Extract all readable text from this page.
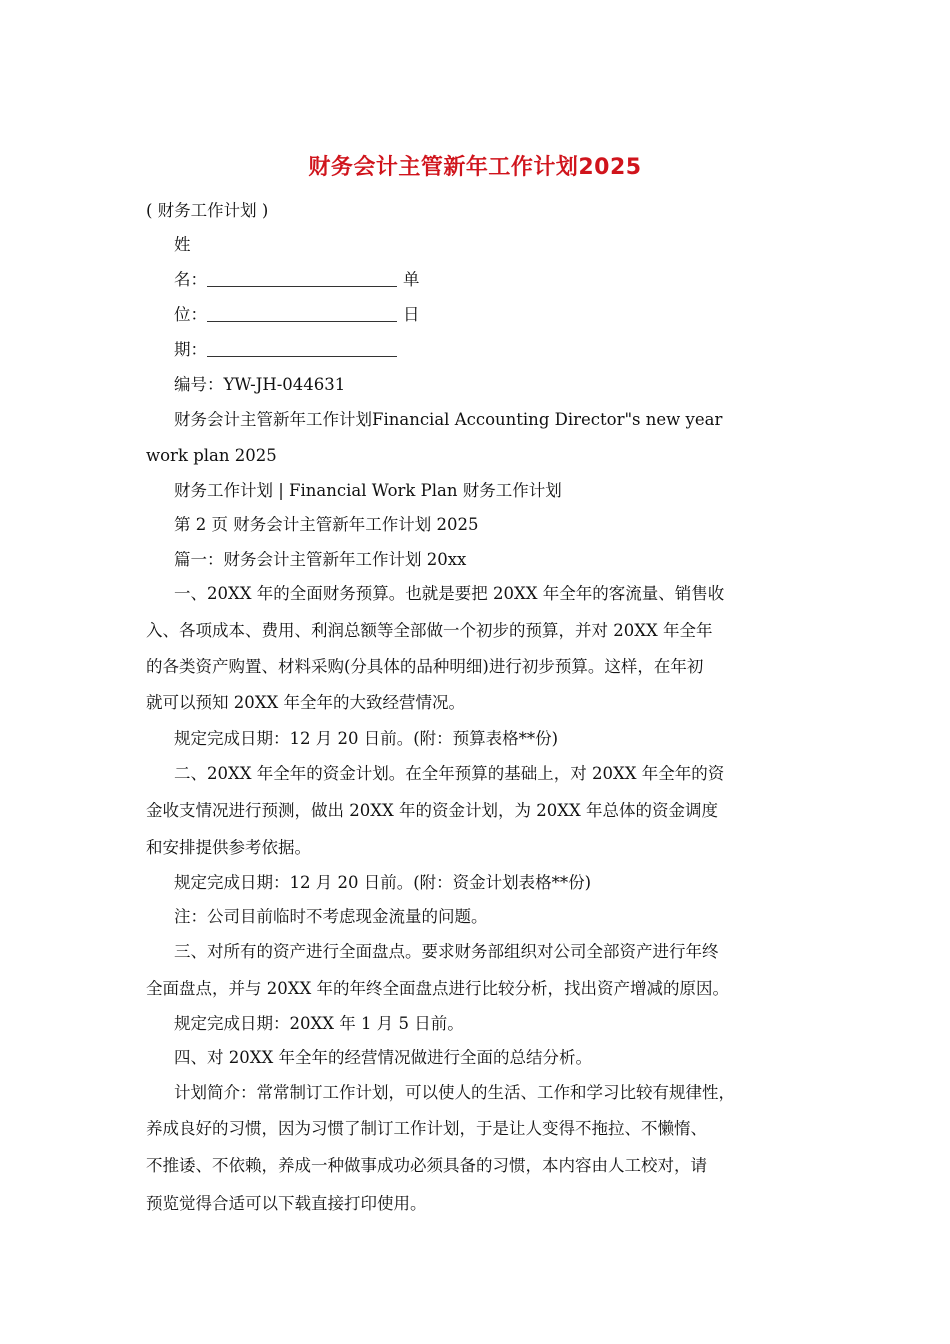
财务会计主管新年工作计划2025
( 财务工作计划 )
姓
名：	单
位：	日
期：
编号：YW-JH-044631
财务会计主管新年工作计划Financial Accounting Director"s new year
work plan 2025
财务工作计划 | Financial Work Plan 财务工作计划
第 2 页 财务会计主管新年工作计划 2025
篇一：财务会计主管新年工作计划 20xx
一、20XX 年的全面财务预算。也就是要把 20XX 年全年的客流量、销售收
入、各项成本、费用、利润总额等全部做一个初步的预算，并对 20XX 年全年
的各类资产购置、材料采购(分具体的品种明细)进行初步预算。这样，在年初
就可以预知 20XX 年全年的大致经营情况。
规定完成日期：12 月 20 日前。(附：预算表格**份)
二、20XX 年全年的资金计划。在全年预算的基础上，对 20XX 年全年的资
金收支情况进行预测，做出 20XX 年的资金计划，为 20XX 年总体的资金调度
和安排提供参考依据。
规定完成日期：12 月 20 日前。(附：资金计划表格**份)
注：公司目前临时不考虑现金流量的问题。
三、对所有的资产进行全面盘点。要求财务部组织对公司全部资产进行年终
全面盘点，并与 20XX 年的年终全面盘点进行比较分析，找出资产增减的原因。
规定完成日期：20XX 年 1 月 5 日前。
四、对 20XX 年全年的经营情况做进行全面的总结分析。
计划简介：常常制订工作计划，可以使人的生活、工作和学习比较有规律性，
养成良好的习惯，因为习惯了制订工作计划，于是让人变得不拖拉、不懒惰、
不推诿、不依赖，养成一种做事成功必须具备的习惯，本内容由人工校对，请
预览觉得合适可以下载直接打印使用。
